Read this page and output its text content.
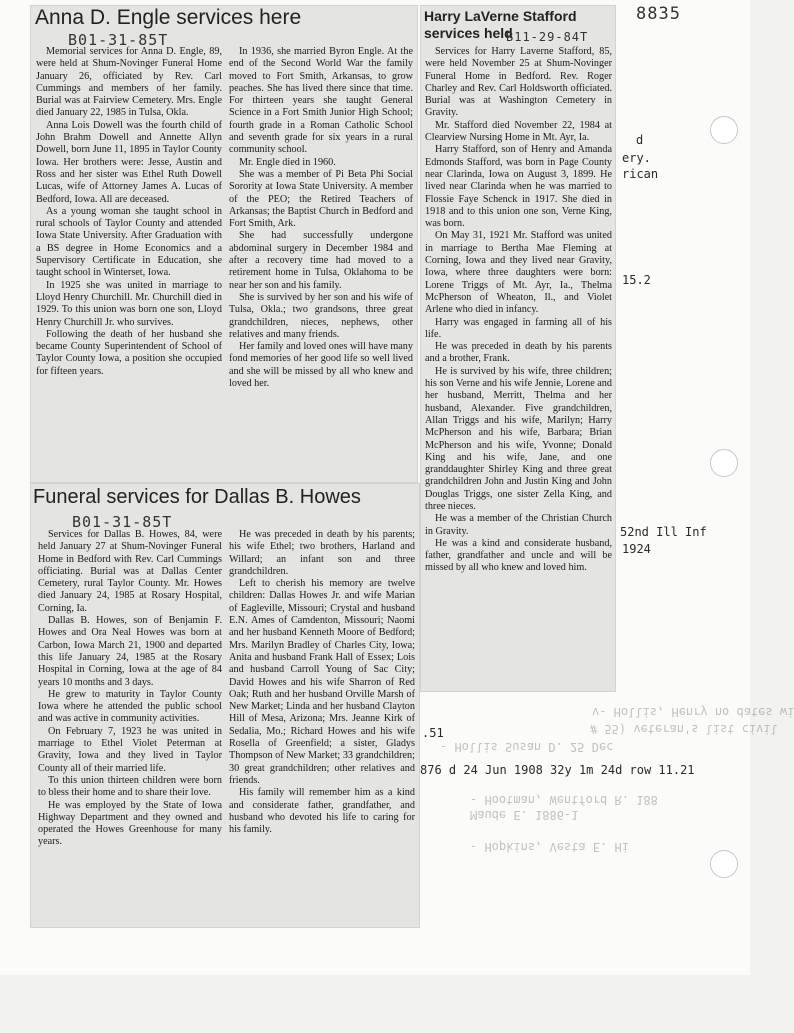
8835
d
ery.
rican
15.2
52nd Ill Inf
1924
.51
876 d 24 Jun 1908 32y 1m 24d row 11.21
v- Hollis, Henry no dates wi
# 55) veteran's list civil
- Hollis Susan D. 25 Dec
- Hootman, Wentford R. 188
Maude E. 1886-1
- Hopkins, Vesta E. Hi
Anna D. Engle services here
B01-31-85T

Memorial services for Anna D. Engle, 89, were held at Shum-Novinger Funeral Home January 26, officiated by Rev. Carl Cummings and members of her family. Burial was at Fairview Cemetery. Mrs. Engle died January 22, 1985 in Tulsa, Okla.

Anna Lois Dowell was the fourth child of John Brahm Dowell and Annette Allyn Dowell, born June 11, 1895 in Taylor County Iowa. Her brothers were: Jesse, Austin and Ross and her sister was Ethel Ruth Dowell Lucas, wife of Attorney James A. Lucas of Bedford, Iowa. All are deceased.

As a young woman she taught school in rural schools of Taylor County and attended Iowa State University. After Graduation with a BS degree in Home Economics and a Supervisory Certificate in Education, she taught school in Winterset, Iowa.

In 1925 she was united in marriage to Lloyd Henry Churchill. Mr. Churchill died in 1929. To this union was born one son, Lloyd Henry Churchill Jr. who survives.

Following the death of her husband she became County Superintendent of School of Taylor County Iowa, a position she occupied for fifteen years.

In 1936, she married Byron Engle. At the end of the Second World War the family moved to Fort Smith, Arkansas, to grow peaches. She has lived there since that time. For thirteen years she taught General Science in a Fort Smith Junior High School; fourth grade in a Roman Catholic School and seventh grade for six years in a rural community school.

Mr. Engle died in 1960.

She was a member of Pi Beta Phi Social Sorority at Iowa State University. A member of the PEO; the Retired Teachers of Arkansas; the Baptist Church in Bedford and Fort Smith, Ark.

She had successfully undergone abdominal surgery in December 1984 and after a recovery time had moved to a retirement home in Tulsa, Oklahoma to be near her son and his family.

She is survived by her son and his wife of Tulsa, Okla.; two grandsons, three great grandchildren, nieces, nephews, other relatives and many friends.

Her family and loved ones will have many fond memories of her good life so well lived and she will be missed by all who knew and loved her.

Funeral services for Dallas B. Howes
B01-31-85T

Services for Dallas B. Howes, 84, were held January 27 at Shum-Novinger Funeral Home in Bedford with Rev. Carl Cummings officiating. Burial was at Dallas Center Cemetery, rural Taylor County. Mr. Howes died January 24, 1985 at Rosary Hospital, Corning, Ia.

Dallas B. Howes, son of Benjamin F. Howes and Ora Neal Howes was born at Carbon, Iowa March 21, 1900 and departed this life January 24, 1985 at the Rosary Hospital in Corning, Iowa at the age of 84 years 10 months and 3 days.

He grew to maturity in Taylor County Iowa where he attended the public school and was active in community activities.

On February 7, 1923 he was united in marriage to Ethel Violet Peterman at Gravity, Iowa and they lived in Taylor County all of their married life.

To this union thirteen children were born to bless their home and to share their love.

He was employed by the State of Iowa Highway Department and they owned and operated the Howes Greenhouse for many years.

He was preceded in death by his parents; his wife Ethel; two brothers, Harland and Willard; an infant son and three grandchildren.

Left to cherish his memory are twelve children: Dallas Howes Jr. and wife Marian of Eagleville, Missouri; Crystal and husband E.N. Ames of Camdenton, Missouri; Naomi and her husband Kenneth Moore of Bedford; Mrs. Marilyn Bradley of Charles City, Iowa; Anita and husband Frank Hall of Essex; Lois and husband Carroll Young of Sac City; David Howes and his wife Sharron of Red Oak; Ruth and her husband Orville Marsh of New Market; Linda and her husband Clayton Hill of Mesa, Arizona; Mrs. Jeanne Kirk of Sedalia, Mo.; Richard Howes and his wife Rosella of Greenfield; a sister, Gladys Thompson of New Market; 33 grandchildren; 30 great grandchildren; other relatives and friends.

His family will remember him as a kind and considerate father, grandfather, and husband who devoted his life to caring for his family.

Harry LaVerne Stafford services held
B11-29-84T

Services for Harry Laverne Stafford, 85, were held November 25 at Shum-Novinger Funeral Home in Bedford. Rev. Roger Charley and Rev. Carl Holdsworth officiated. Burial was at Washington Cemetery in Gravity.

Mr. Stafford died November 22, 1984 at Clearview Nursing Home in Mt. Ayr, Ia.

Harry Stafford, son of Henry and Amanda Edmonds Stafford, was born in Page County near Clarinda, Iowa on August 3, 1899. He lived near Clarinda when he was married to Flossie Faye Schenck in 1917. She died in 1918 and to this union one son, Verne King, was born.

On May 31, 1921 Mr. Stafford was united in marriage to Bertha Mae Fleming at Corning, Iowa and they lived near Gravity, Iowa, where three daughters were born: Lorene Triggs of Mt. Ayr, Ia., Thelma McPherson of Wheaton, Il., and Violet Arlene who died in infancy.

Harry was engaged in farming all of his life.

He was preceded in death by his parents and a brother, Frank.

He is survived by his wife, three children; his son Verne and his wife Jennie, Lorene and her husband, Merritt, Thelma and her husband, Alexander. Five grandchildren, Allan Triggs and his wife, Marilyn; Harry McPherson and his wife, Barbara; Brian McPherson and his wife, Yvonne; Donald King and his wife, Jane, and one granddaughter Shirley King and three great grandchildren John and Justin King and John Douglas Triggs, one sister Zella King, and three nieces.

He was a member of the Christian Church in Gravity.

He was a kind and considerate husband, father, grandfather and uncle and will be missed by all who knew and loved him.
